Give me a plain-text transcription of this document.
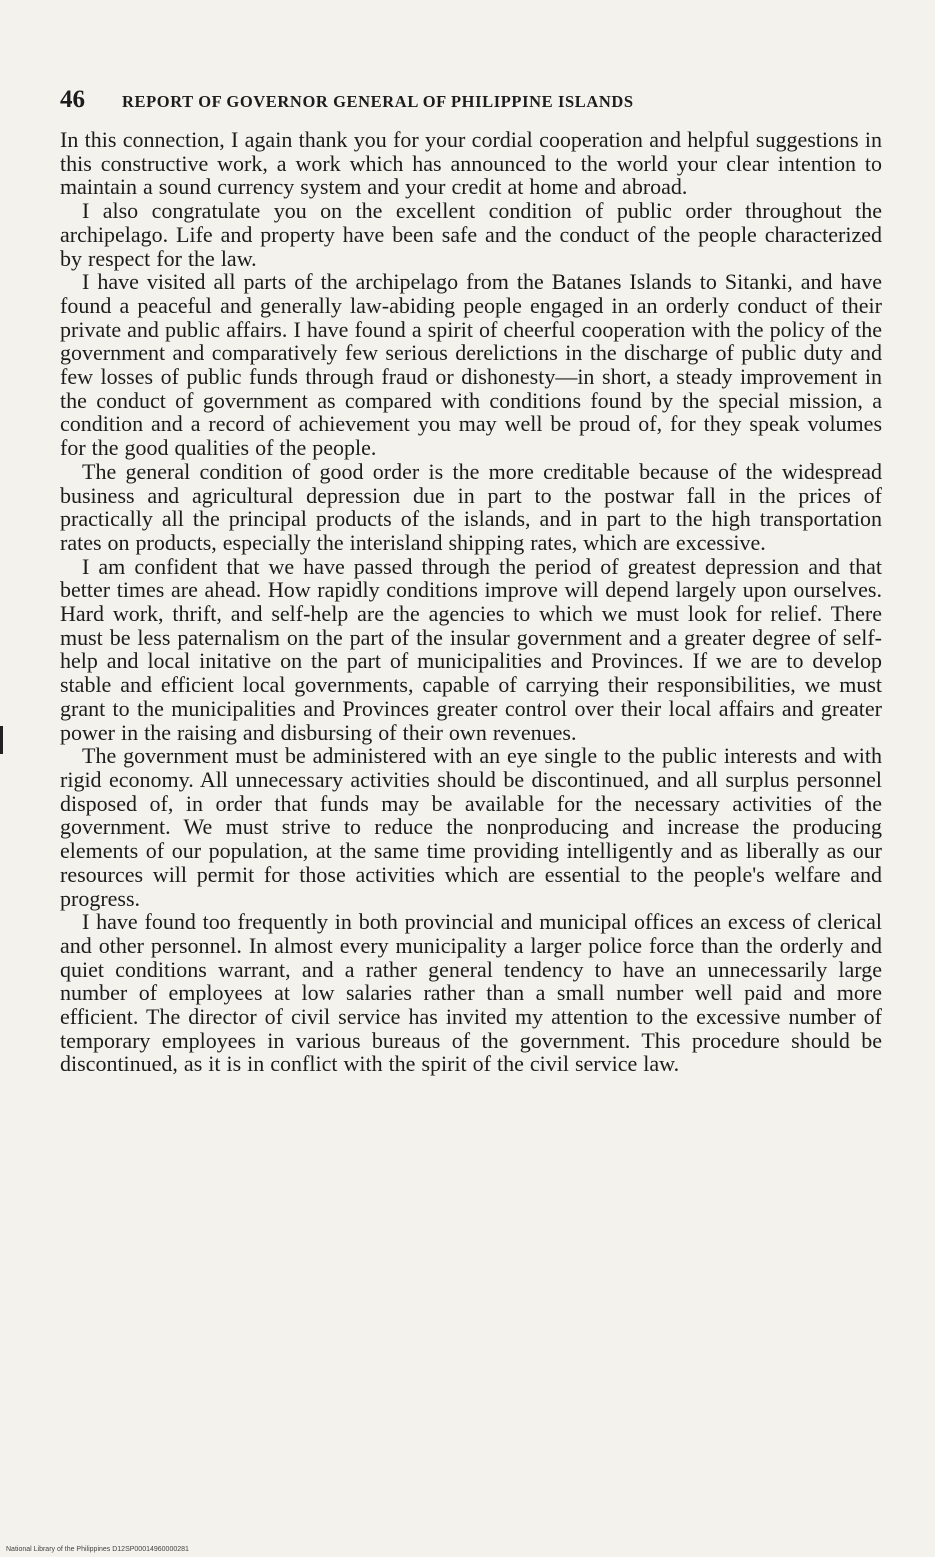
46	REPORT OF GOVERNOR GENERAL OF PHILIPPINE ISLANDS

In this connection, I again thank you for your cordial cooperation and helpful suggestions in this constructive work, a work which has announced to the world your clear intention to maintain a sound currency system and your credit at home and abroad.

I also congratulate you on the excellent condition of public order throughout the archipelago. Life and property have been safe and the conduct of the people characterized by respect for the law.

I have visited all parts of the archipelago from the Batanes Islands to Sitanki, and have found a peaceful and generally law-abiding people engaged in an orderly conduct of their private and public affairs. I have found a spirit of cheerful cooperation with the policy of the government and comparatively few serious derelictions in the discharge of public duty and few losses of public funds through fraud or dishonesty—in short, a steady improvement in the conduct of government as compared with conditions found by the special mission, a condition and a record of achievement you may well be proud of, for they speak volumes for the good qualities of the people.

The general condition of good order is the more creditable because of the widespread business and agricultural depression due in part to the postwar fall in the prices of practically all the principal products of the islands, and in part to the high transportation rates on products, especially the interisland shipping rates, which are excessive.

I am confident that we have passed through the period of greatest depression and that better times are ahead. How rapidly conditions improve will depend largely upon ourselves. Hard work, thrift, and self-help are the agencies to which we must look for relief. There must be less paternalism on the part of the insular government and a greater degree of self-help and local initative on the part of municipalities and Provinces. If we are to develop stable and efficient local governments, capable of carrying their responsibilities, we must grant to the municipalities and Provinces greater control over their local affairs and greater power in the raising and disbursing of their own revenues.

The government must be administered with an eye single to the public interests and with rigid economy. All unnecessary activities should be discontinued, and all surplus personnel disposed of, in order that funds may be available for the necessary activities of the government. We must strive to reduce the nonproducing and increase the producing elements of our population, at the same time providing intelligently and as liberally as our resources will permit for those activities which are essential to the people's welfare and progress.

I have found too frequently in both provincial and municipal offices an excess of clerical and other personnel. In almost every municipality a larger police force than the orderly and quiet conditions warrant, and a rather general tendency to have an unnecessarily large number of employees at low salaries rather than a small number well paid and more efficient. The director of civil service has invited my attention to the excessive number of temporary employees in various bureaus of the government. This procedure should be discontinued, as it is in conflict with the spirit of the civil service law.

National Library of the Philippines D12SP00014960000281
